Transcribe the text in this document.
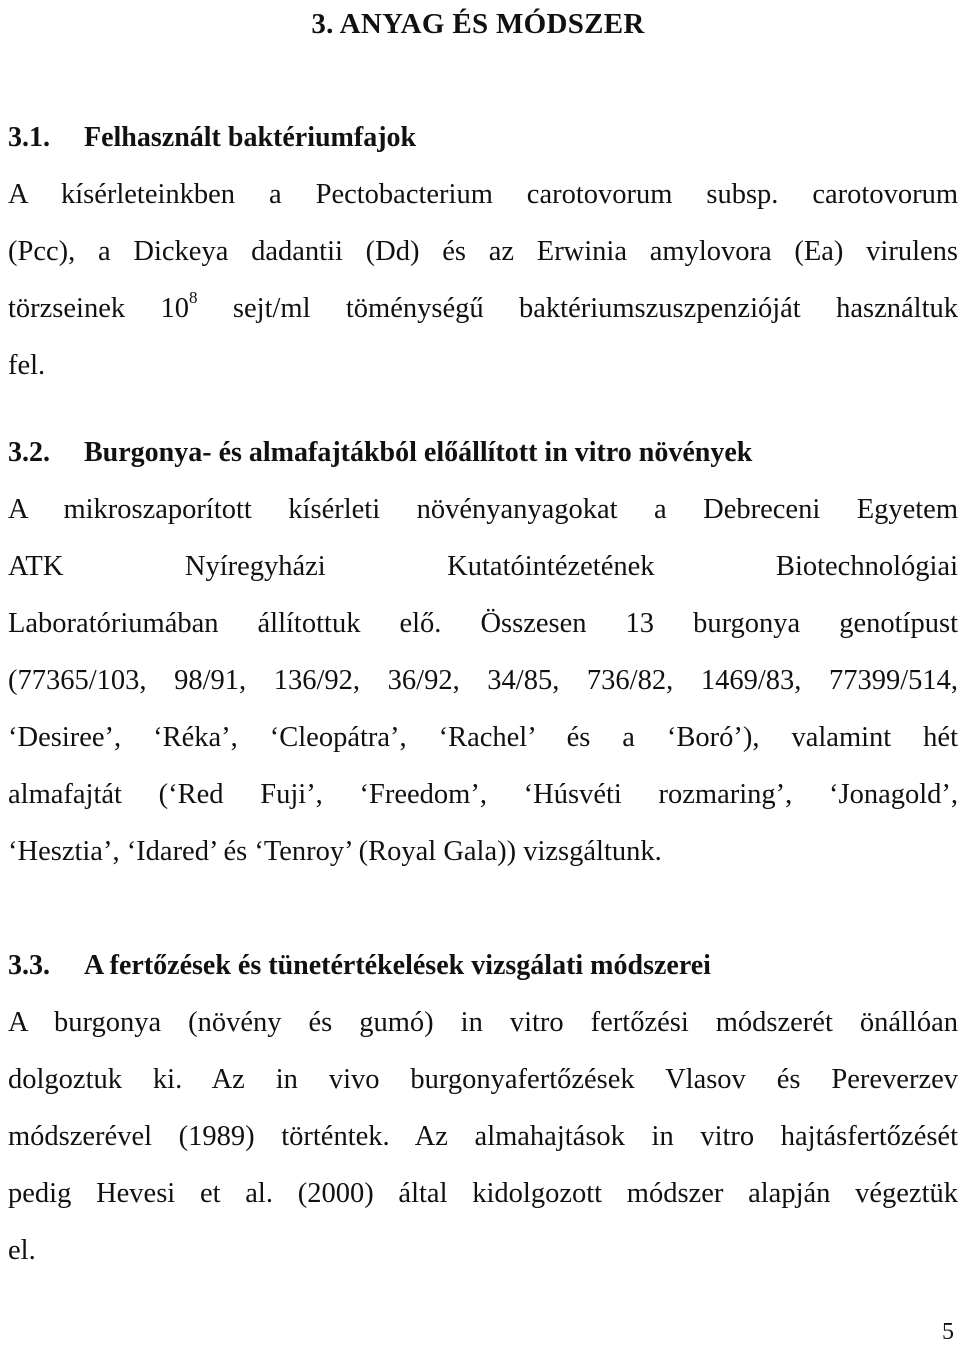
3. ANYAG ÉS MÓDSZER
3.1. Felhasznált baktériumfajok
A kísérleteinkben a Pectobacterium carotovorum subsp. carotovorum
(Pcc), a Dickeya dadantii (Dd) és az Erwinia amylovora (Ea) virulens
törzseinek $10^8$ sejt/ml töménységű baktériumszuszpenzióját használtuk
fel.
3.2. Burgonya- és almafajtákból előállított in vitro növények
A mikroszaporított kísérleti növényanyagokat a Debreceni Egyetem
ATK Nyíregyházi Kutatóintézetének Biotechnológiai
Laboratóriumában állítottuk elő. Összesen 13 burgonya genotípust
(77365/103, 98/91, 136/92, 36/92, 34/85, 736/82, 1469/83, 77399/514,
‘Desiree’, ‘Réka’, ‘Cleopátra’, ‘Rachel’ és a ‘Boró’), valamint hét
almafajtát (‘Red Fuji’, ‘Freedom’, ‘Húsvéti rozmaring’, ‘Jonagold’,
‘Hesztia’, ‘Idared’ és ‘Tenroy’ (Royal Gala)) vizsgáltunk.
3.3. A fertőzések és tünetértékelések vizsgálati módszerei
A burgonya (növény és gumó) in vitro fertőzési módszerét önállóan
dolgoztuk ki. Az in vivo burgonyafertőzések Vlasov és Pereverzev
módszerével (1989) történtek. Az almahajtások in vitro hajtásfertőzését
pedig Hevesi et al. (2000) által kidolgozott módszer alapján végeztük
el.
5
